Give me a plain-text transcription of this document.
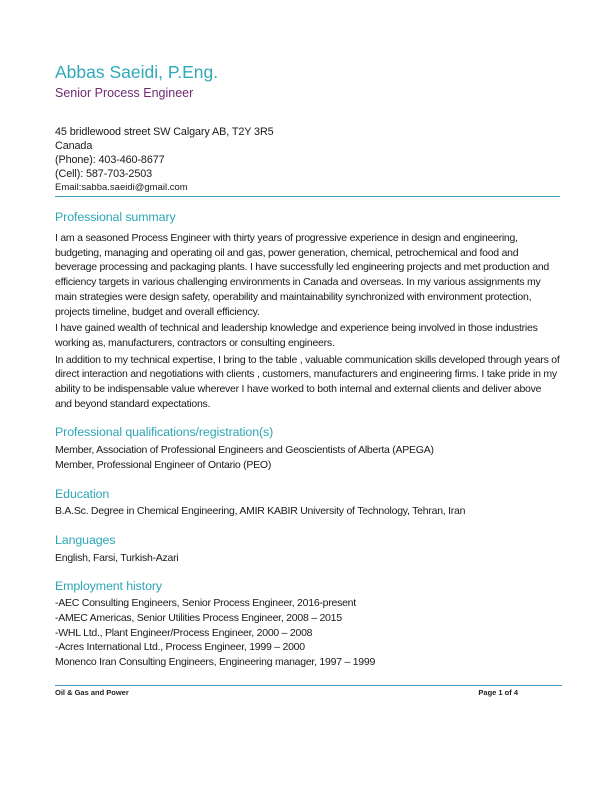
Abbas Saeidi, P.Eng.
Senior Process Engineer
45 bridlewood street SW Calgary AB, T2Y 3R5
Canada
(Phone): 403-460-8677
(Cell): 587-703-2503
Email:sabba.saeidi@gmail.com
Professional summary

I am a seasoned Process Engineer with thirty years of progressive experience in design and engineering, budgeting, managing and operating oil and gas, power generation, chemical, petrochemical and food and beverage processing and packaging plants. I have successfully led engineering projects and met production and efficiency targets in various challenging environments in Canada and overseas. In my various assignments my main strategies were design safety, operability and maintainability synchronized with environment protection, projects timeline, budget and overall efficiency.

I have gained wealth of technical and leadership knowledge and experience being involved in those industries working as, manufacturers, contractors or consulting engineers.

In addition to my technical expertise, I bring to the table , valuable communication skills developed through years of direct interaction and negotiations with clients , customers, manufacturers and engineering firms. I take pride in my ability to be indispensable value wherever I have worked to both internal and external clients and deliver above and beyond standard expectations.

Professional qualifications/registration(s)
Member, Association of Professional Engineers and Geoscientists of Alberta (APEGA)
Member, Professional Engineer of Ontario (PEO)
Education
B.A.Sc. Degree in Chemical Engineering, AMIR KABIR University of Technology, Tehran, Iran
Languages
English, Farsi, Turkish-Azari
Employment history
-AEC Consulting Engineers, Senior Process Engineer, 2016-present
-AMEC Americas, Senior Utilities Process Engineer, 2008 – 2015
-WHL Ltd., Plant Engineer/Process Engineer, 2000 – 2008
-Acres International Ltd., Process Engineer, 1999 – 2000
Monenco Iran Consulting Engineers, Engineering manager, 1997 – 1999
Oil & Gas and Power	Page 1 of 4
